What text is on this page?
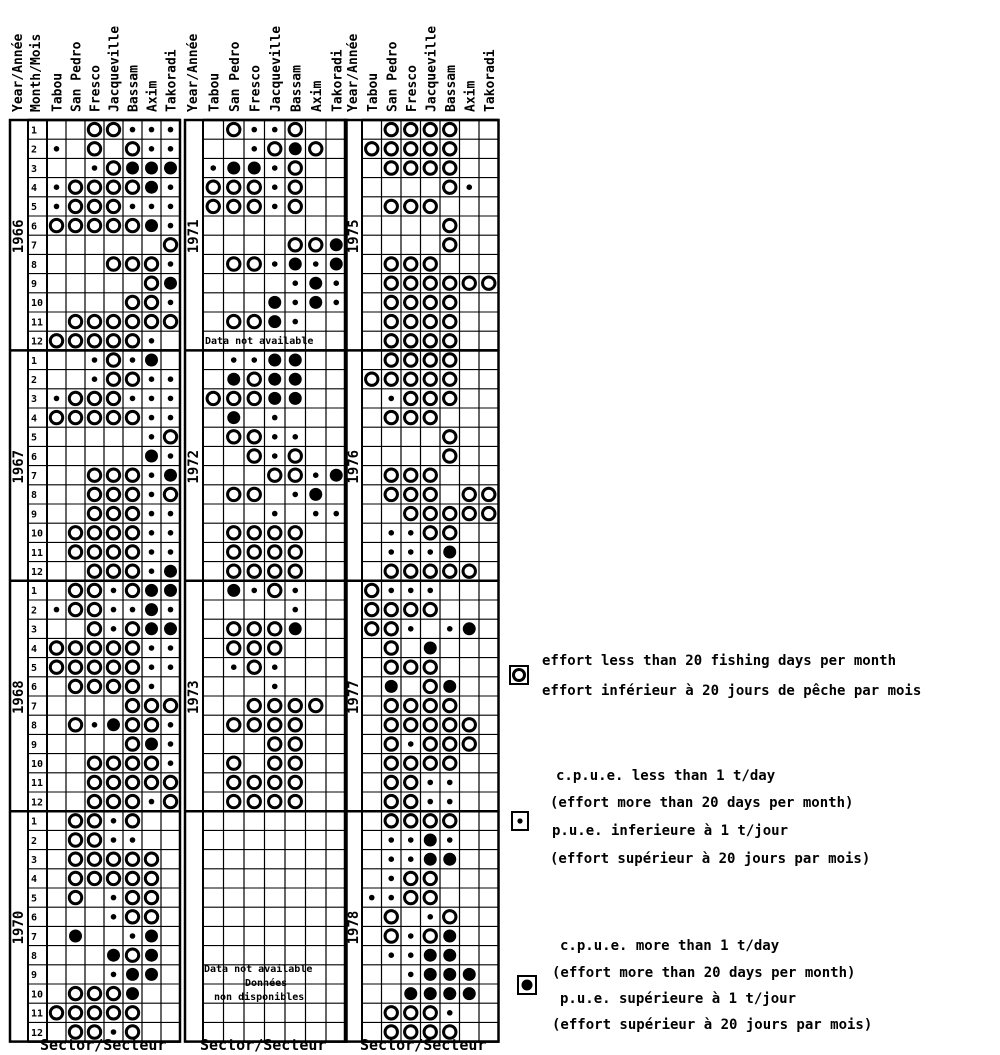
Year/Année Month/Mois Tabou San Pedro Fresco Jacqueville Bassam Axim Takoradi Year/Année Tabou San Pedro Fresco Jacqueville Bassam Axim Takoradi Year/Année Tabou San Pedro Fresco Jacqueville Bassam Axim Takoradi
1
2
3
4
5
6
7
8
9
10
11
12
1
2
3
4
5
6
7
8
9
10
11
12
1
2
3
4
5
6
7
8
9
10
11
12
1
2
3
4
5
6
7
8
9
10
11
12
1966
1967
1968
1970
1971
1972
1973
1975
1976
1977
1978
Data not available
Data not available
Données
non disponibles
Sector/Secteur Sector/Secteur Sector/Secteur
effort less than 20 fishing days per month
effort inférieur à 20 jours de pêche par mois
c.p.u.e. less than 1 t/day
(effort more than 20 days per month)
p.u.e. inferieure à 1 t/jour
(effort supérieur à 20 jours par mois)
c.p.u.e. more than 1 t/day
(effort more than 20 days per month)
p.u.e. supérieure à 1 t/jour
(effort supérieur à 20 jours par mois)
